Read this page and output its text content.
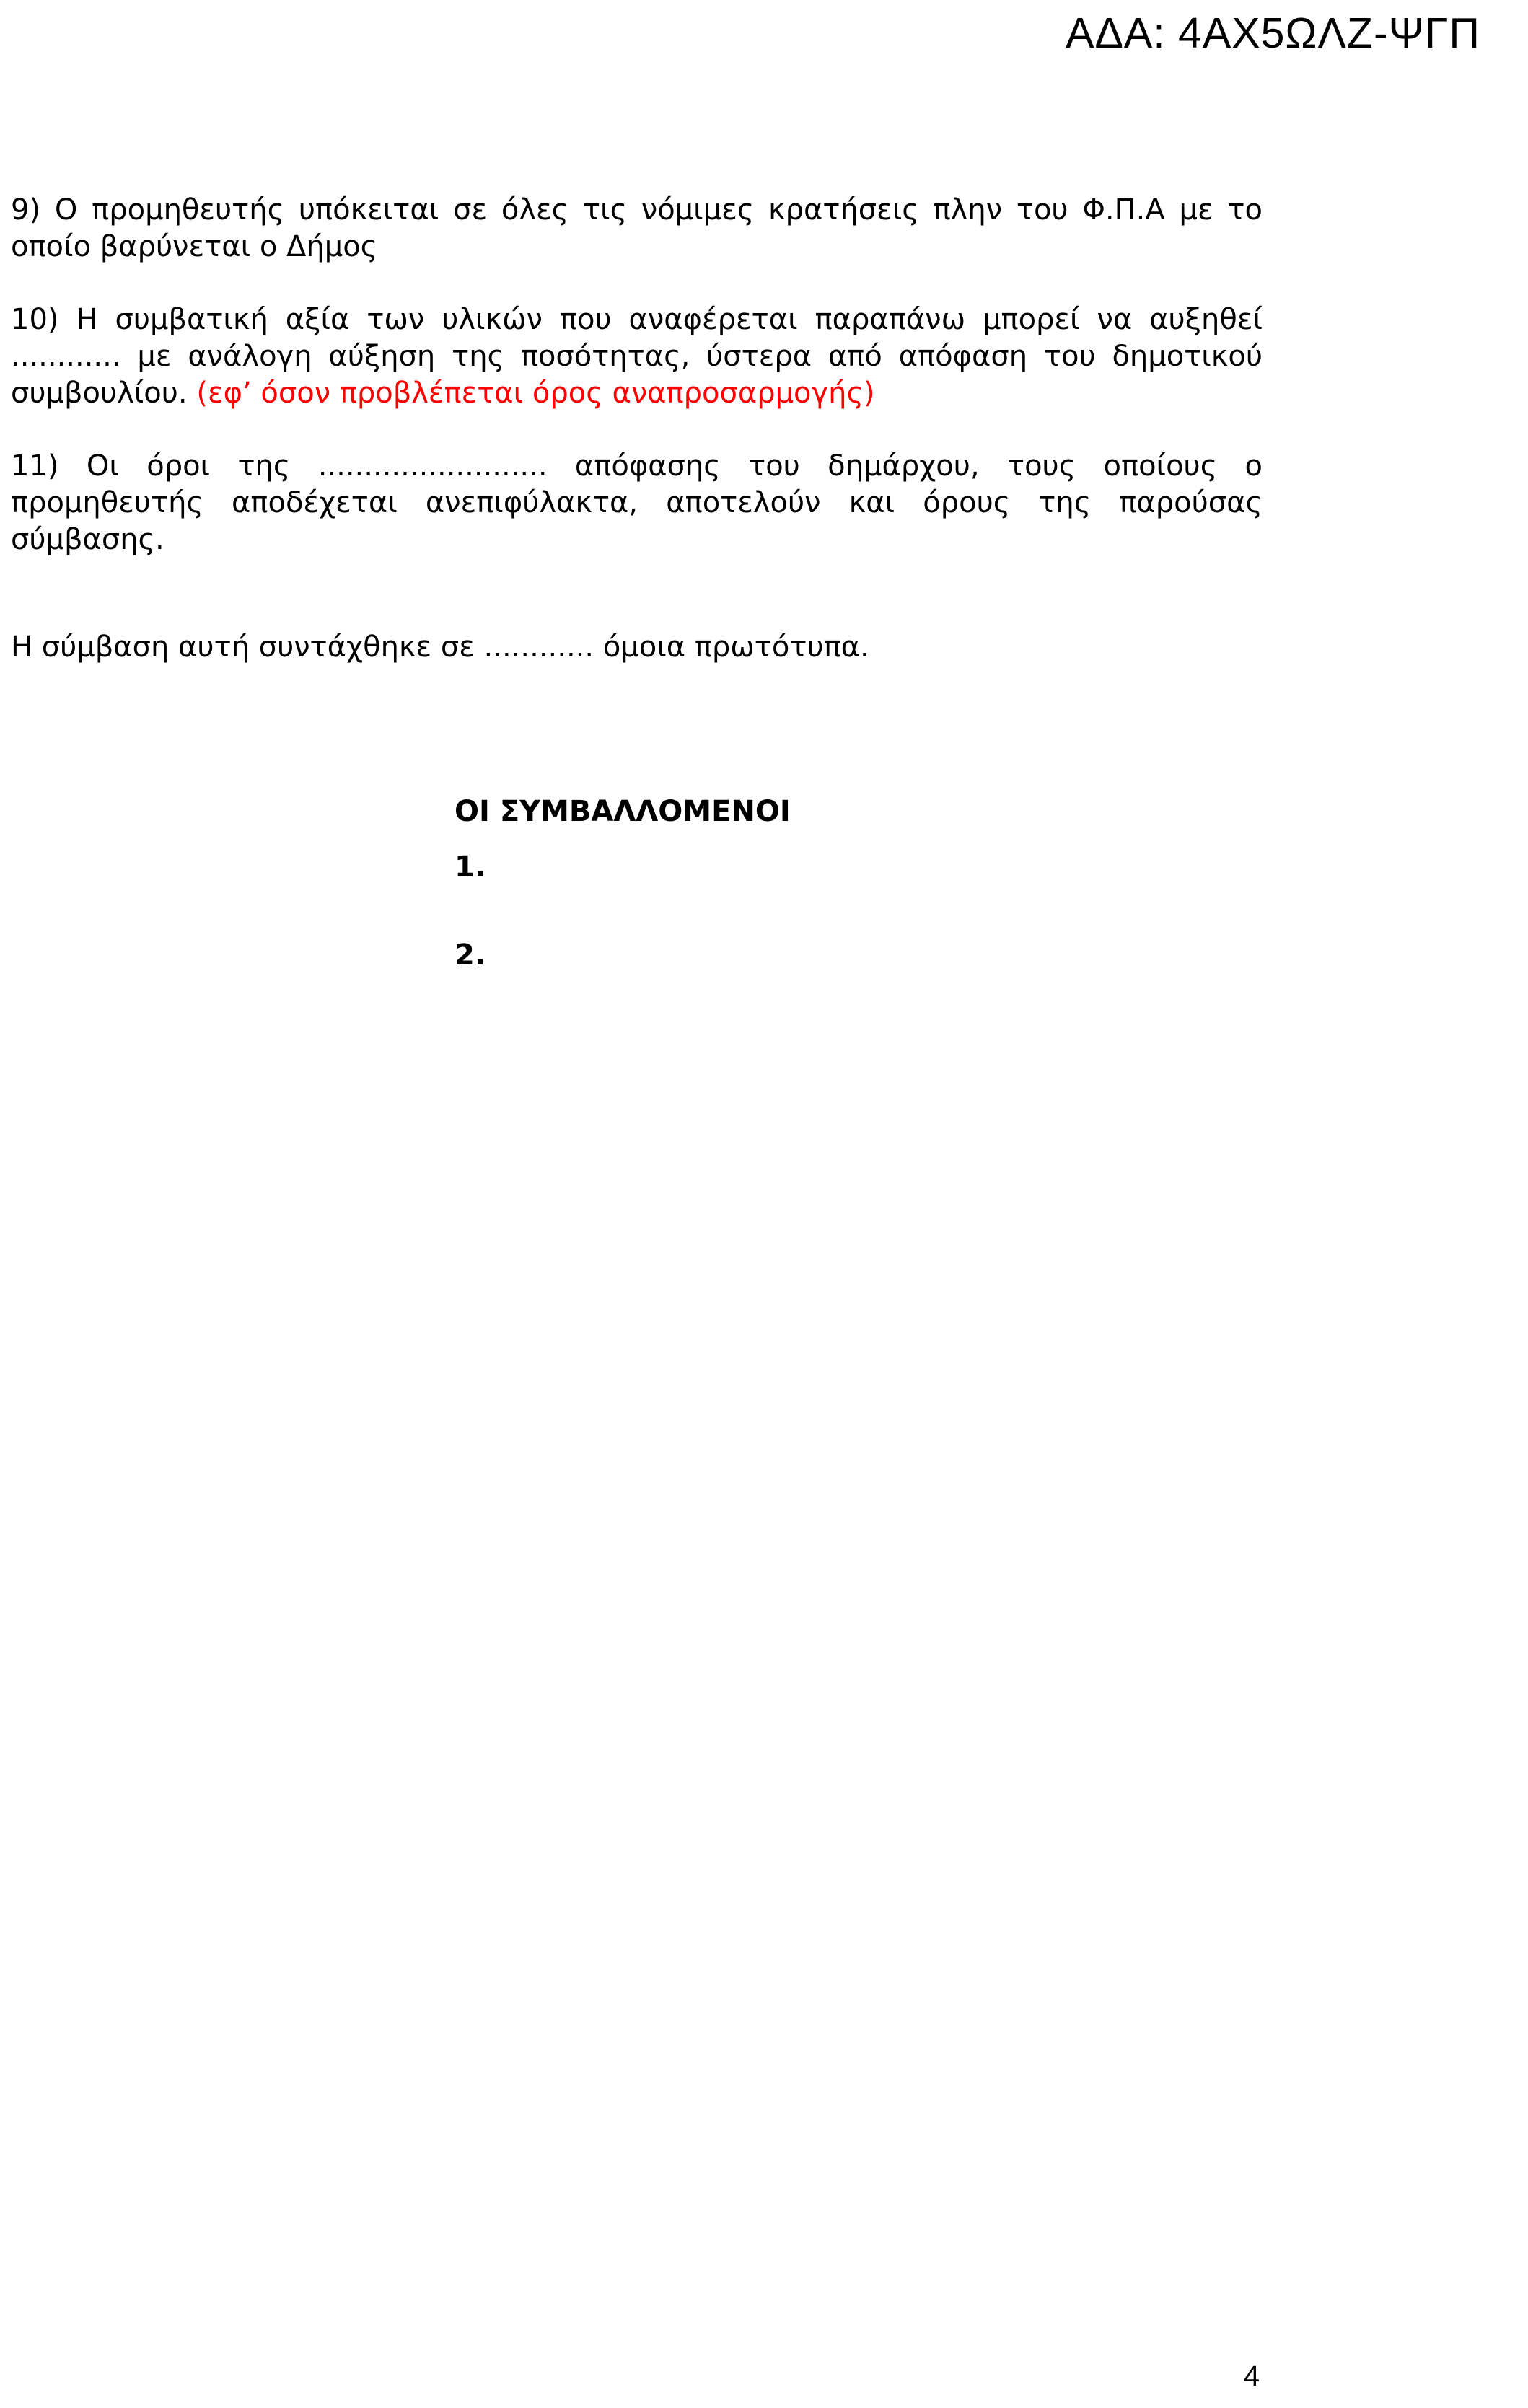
ΑΔΑ: 4ΑΧ5ΩΛΖ-ΨΓΠ

9) Ο προμηθευτής υπόκειται σε όλες τις νόμιμες κρατήσεις πλην του Φ.Π.Α με το οποίο βαρύνεται ο Δήμος

10) Η συμβατική αξία των υλικών που αναφέρεται παραπάνω μπορεί να αυξηθεί ............ με ανάλογη αύξηση της ποσότητας, ύστερα από απόφαση του δημοτικού συμβουλίου. (εφ’ όσον προβλέπεται όρος αναπροσαρμογής)

11) Οι όροι της ......................... απόφασης του δημάρχου, τους οποίους ο προμηθευτής αποδέχεται ανεπιφύλακτα, αποτελούν και όρους της παρούσας σύμβασης.

Η σύμβαση αυτή συντάχθηκε σε ............ όμοια πρωτότυπα.

ΟΙ ΣΥΜΒΑΛΛΟΜΕΝΟΙ
1.
2.
4
